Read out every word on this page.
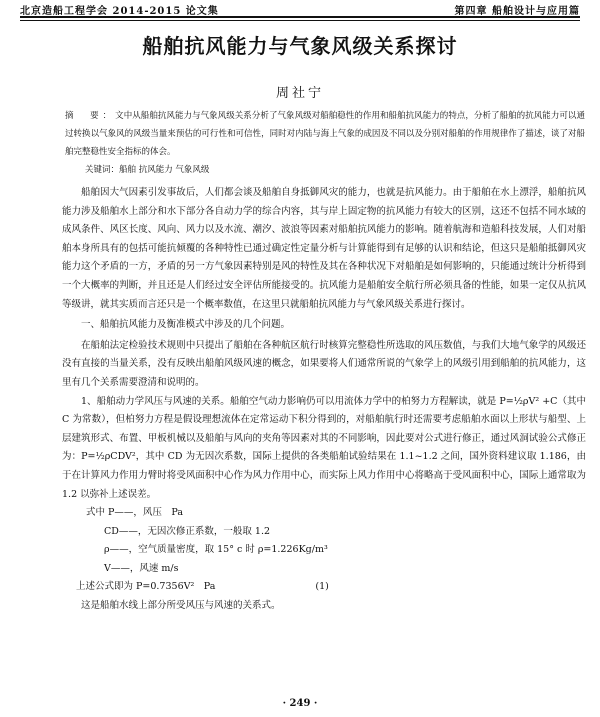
北京造船工程学会 2014-2015 论文集	第四章 船舶设计与应用篇
船舶抗风能力与气象风级关系探讨
周社宁
摘　要：文中从船舶抗风能力与气象风级关系分析了气象风级对船舶稳性的作用和船舶抗风能力的特点，分析了船舶的抗风能力可以通过转换以气象风的风级当量来预估的可行性和可信性，同时对内陆与海上气象的成因及不同以及分别对船舶的作用规律作了描述，谈了对船舶完整稳性安全指标的体会。
关键词：船舶 抗风能力 气象风级

船舶因大气因素引发事故后，人们都会谈及船舶自身抵御风灾的能力，也就是抗风能力。由于船舶在水上漂浮，船舶抗风能力涉及船舶水上部分和水下部分各自动力学的综合内容，其与岸上固定物的抗风能力有较大的区别，这还不包括不同水域的成风条件、风区长度、风向、风力以及水流、潮汐、波浪等因素对船舶抗风能力的影响。随着航海和造船科技发展，人们对船舶本身所具有的包括可能抗倾覆的各种特性已通过确定性定量分析与计算能得到有足够的认识和结论，但这只是船舶抵御风灾能力这个矛盾的一方，矛盾的另一方气象因素特别是风的特性及其在各种状况下对船舶是如何影响的，只能通过统计分析得到一个大概率的判断，并且还是人们经过安全评估所能接受的。抗风能力是船舶安全航行所必须具备的性能，如果一定仅从抗风等级讲，就其实质而言还只是一个概率数值，在这里只就船舶抗风能力与气象风级关系进行探讨。

一、船舶抗风能力及衡准模式中涉及的几个问题。

在船舶法定检验技术规则中只提出了船舶在各种航区航行时核算完整稳性所选取的风压数值，与我们大地气象学的风级还没有直接的当量关系，没有反映出船舶风级风速的概念，如果要将人们通常所说的气象学上的风级引用到船舶的抗风能力，这里有几个关系需要澄清和说明的。

1、船舶动力学风压与风速的关系。船舶空气动力影响仍可以用流体力学中的柏努力方程解读，就是 P=½ρV² +C（其中 C 为常数），但柏努力方程是假设理想流体在定常运动下积分得到的，对船舶航行时还需要考虑船舶水面以上形状与船型、上层建筑形式、布置、甲板机械以及船舶与风向的夹角等因素对其的不同影响，因此要对公式进行修正，通过风洞试验公式修正为：P=½ρCDV²，其中 CD 为无因次系数，国际上提供的各类船舶试验结果在 1.1~1.2 之间，国外资料建议取 1.186，由于在计算风力作用力臂时将受风面积中心作为风力作用中心，而实际上风力作用中心将略高于受风面积中心，国际上通常取为 1.2 以弥补上述误差。

式中 P——，风压　Pa

CD——，无因次修正系数，一般取 1.2

ρ——，空气质量密度，取 15° c 时 ρ=1.226Kg/m³

V——，风速 m/s

上述公式即为 P=0.7356V²　Pa	(1)

这是船舶水线上部分所受风压与风速的关系式。

· 249 ·
